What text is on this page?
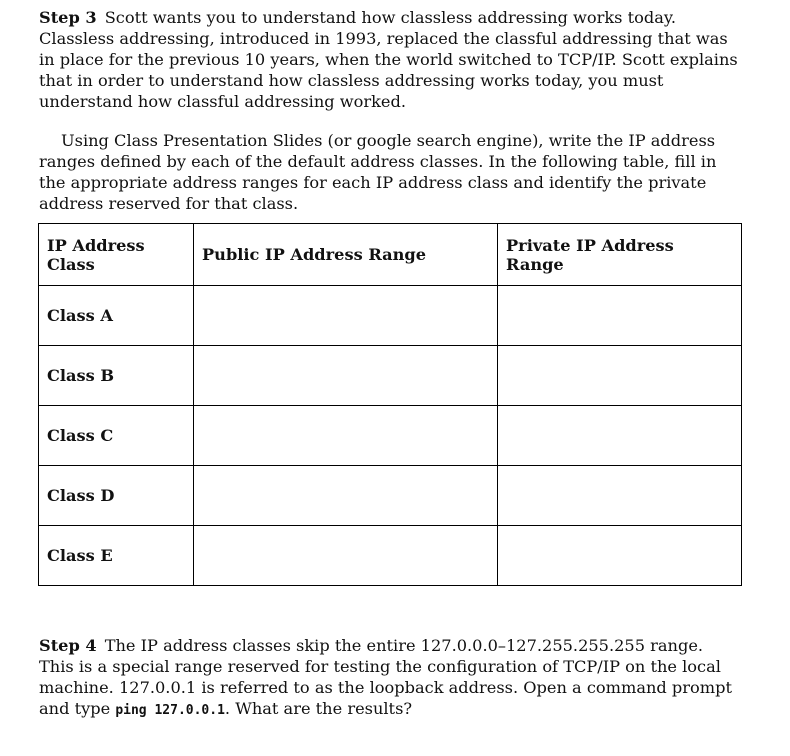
Step 3 Scott wants you to understand how classless addressing works today. Classless addressing, introduced in 1993, replaced the classful addressing that was in place for the previous 10 years, when the world switched to TCP/IP. Scott explains that in order to understand how classless addressing works today, you must understand how classful addressing worked.

Using Class Presentation Slides (or google search engine), write the IP address ranges defined by each of the default address classes. In the following table, fill in the appropriate address ranges for each IP address class and identify the private address reserved for that class.

IP Address Class	Public IP Address Range	Private IP Address Range
Class A		
Class B		
Class C		
Class D		
Class E		

Step 4 The IP address classes skip the entire 127.0.0.0–127.255.255.255 range. This is a special range reserved for testing the configuration of TCP/IP on the local machine. 127.0.0.1 is referred to as the loopback address. Open a command prompt and type ping 127.0.0.1. What are the results?
